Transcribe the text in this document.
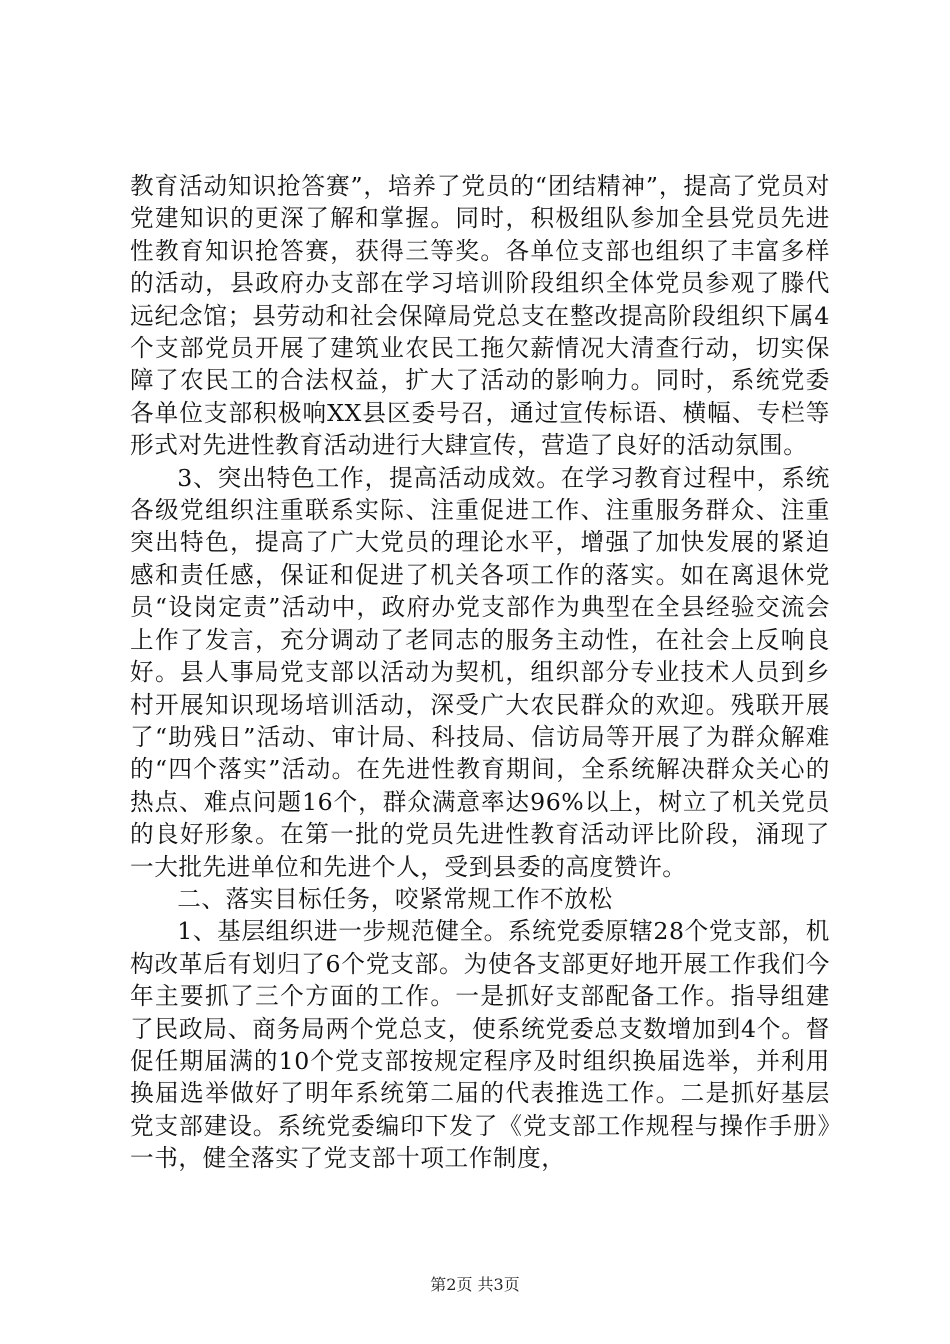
教育活动知识抢答赛”，培养了党员的“团结精神”，提高了党员对党建知识的更深了解和掌握。同时，积极组队参加全县党员先进性教育知识抢答赛，获得三等奖。各单位支部也组织了丰富多样的活动，县政府办支部在学习培训阶段组织全体党员参观了滕代远纪念馆；县劳动和社会保障局党总支在整改提高阶段组织下属4个支部党员开展了建筑业农民工拖欠薪情况大清查行动，切实保障了农民工的合法权益，扩大了活动的影响力。同时，系统党委各单位支部积极响XX县区委号召，通过宣传标语、横幅、专栏等形式对先进性教育活动进行大肆宣传，营造了良好的活动氛围。

3、突出特色工作，提高活动成效。在学习教育过程中，系统各级党组织注重联系实际、注重促进工作、注重服务群众、注重突出特色，提高了广大党员的理论水平，增强了加快发展的紧迫感和责任感，保证和促进了机关各项工作的落实。如在离退休党员“设岗定责”活动中，政府办党支部作为典型在全县经验交流会上作了发言，充分调动了老同志的服务主动性，在社会上反响良好。县人事局党支部以活动为契机，组织部分专业技术人员到乡村开展知识现场培训活动，深受广大农民群众的欢迎。残联开展了“助残日”活动、审计局、科技局、信访局等开展了为群众解难的“四个落实”活动。在先进性教育期间，全系统解决群众关心的热点、难点问题16个，群众满意率达96%以上，树立了机关党员的良好形象。在第一批的党员先进性教育活动评比阶段，涌现了一大批先进单位和先进个人，受到县委的高度赞许。

二、落实目标任务，咬紧常规工作不放松

1、基层组织进一步规范健全。系统党委原辖28个党支部，机构改革后有划归了6个党支部。为使各支部更好地开展工作我们今年主要抓了三个方面的工作。一是抓好支部配备工作。指导组建了民政局、商务局两个党总支，使系统党委总支数增加到4个。督促任期届满的10个党支部按规定程序及时组织换届选举，并利用换届选举做好了明年系统第二届的代表推选工作。二是抓好基层党支部建设。系统党委编印下发了《党支部工作规程与操作手册》一书，健全落实了党支部十项工作制度，

第2页 共3页
